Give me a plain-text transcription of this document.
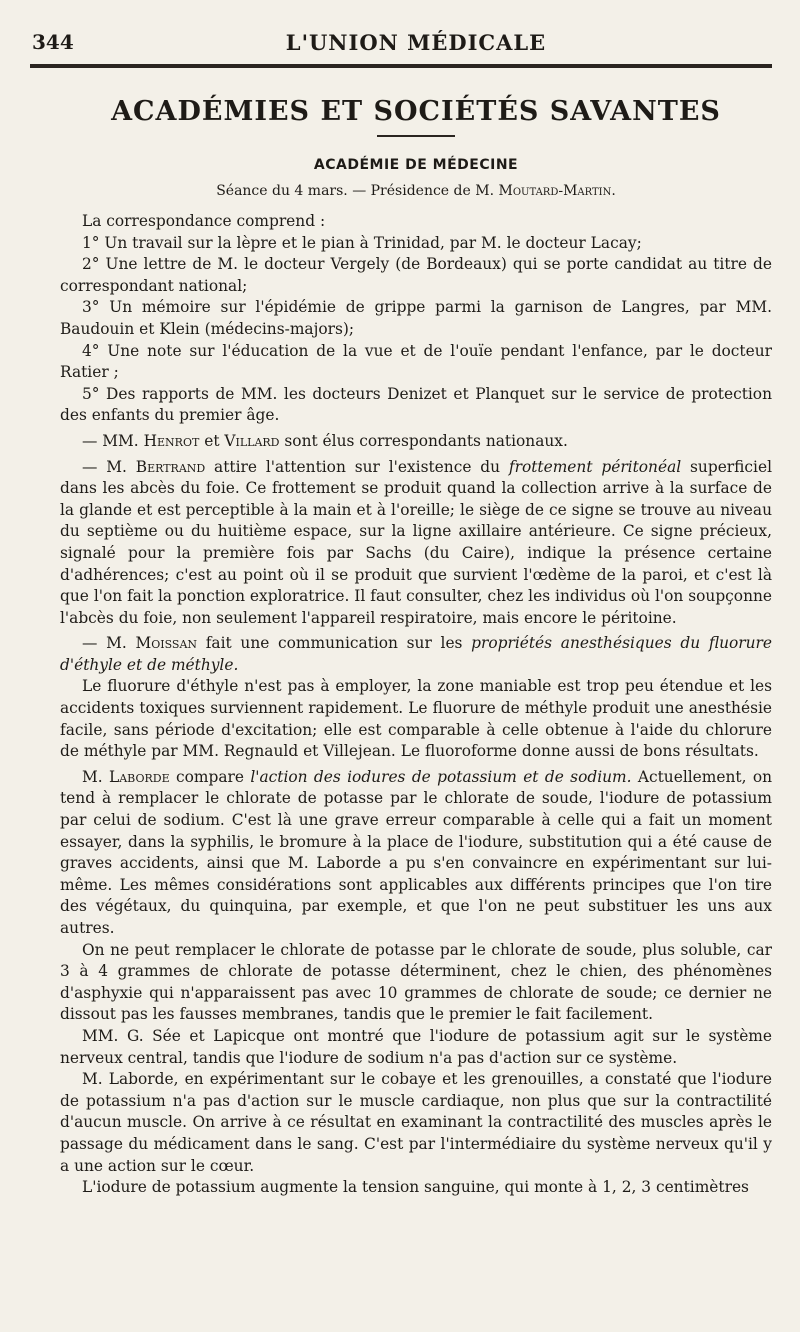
344	L'UNION MÉDICALE
ACADÉMIES ET SOCIÉTÉS SAVANTES
ACADÉMIE DE MÉDECINE
Séance du 4 mars. — Présidence de M. Moutard-Martin.

La correspondance comprend :

1° Un travail sur la lèpre et le pian à Trinidad, par M. le docteur Lacay;

2° Une lettre de M. le docteur Vergely (de Bordeaux) qui se porte candidat au titre de correspondant national;

3° Un mémoire sur l'épidémie de grippe parmi la garnison de Langres, par MM. Baudouin et Klein (médecins-majors);

4° Une note sur l'éducation de la vue et de l'ouïe pendant l'enfance, par le docteur Ratier ;

5° Des rapports de MM. les docteurs Denizet et Planquet sur le service de protection des enfants du premier âge.

— MM. Henrot et Villard sont élus correspondants nationaux.

— M. Bertrand attire l'attention sur l'existence du frottement péritonéal superficiel dans les abcès du foie. Ce frottement se produit quand la collection arrive à la surface de la glande et est perceptible à la main et à l'oreille; le siège de ce signe se trouve au niveau du septième ou du huitième espace, sur la ligne axillaire antérieure. Ce signe précieux, signalé pour la première fois par Sachs (du Caire), indique la présence certaine d'adhérences; c'est au point où il se produit que survient l'œdème de la paroi, et c'est là que l'on fait la ponction exploratrice. Il faut consulter, chez les individus où l'on soupçonne l'abcès du foie, non seulement l'appareil respiratoire, mais encore le péritoine.

— M. Moissan fait une communication sur les propriétés anesthésiques du fluorure d'éthyle et de méthyle.

Le fluorure d'éthyle n'est pas à employer, la zone maniable est trop peu étendue et les accidents toxiques surviennent rapidement. Le fluorure de méthyle produit une anesthésie facile, sans période d'excitation; elle est comparable à celle obtenue à l'aide du chlorure de méthyle par MM. Regnauld et Villejean. Le fluoroforme donne aussi de bons résultats.

M. Laborde compare l'action des iodures de potassium et de sodium. Actuellement, on tend à remplacer le chlorate de potasse par le chlorate de soude, l'iodure de potassium par celui de sodium. C'est là une grave erreur comparable à celle qui a fait un moment essayer, dans la syphilis, le bromure à la place de l'iodure, substitution qui a été cause de graves accidents, ainsi que M. Laborde a pu s'en convaincre en expérimentant sur lui-même. Les mêmes considérations sont applicables aux différents principes que l'on tire des végétaux, du quinquina, par exemple, et que l'on ne peut substituer les uns aux autres.

On ne peut remplacer le chlorate de potasse par le chlorate de soude, plus soluble, car 3 à 4 grammes de chlorate de potasse déterminent, chez le chien, des phénomènes d'asphyxie qui n'apparaissent pas avec 10 grammes de chlorate de soude; ce dernier ne dissout pas les fausses membranes, tandis que le premier le fait facilement.

MM. G. Sée et Lapicque ont montré que l'iodure de potassium agit sur le système nerveux central, tandis que l'iodure de sodium n'a pas d'action sur ce système.

M. Laborde, en expérimentant sur le cobaye et les grenouilles, a constaté que l'iodure de potassium n'a pas d'action sur le muscle cardiaque, non plus que sur la contractilité d'aucun muscle. On arrive à ce résultat en examinant la contractilité des muscles après le passage du médicament dans le sang. C'est par l'intermédiaire du système nerveux qu'il y a une action sur le cœur.

L'iodure de potassium augmente la tension sanguine, qui monte à 1, 2, 3 centimètres
